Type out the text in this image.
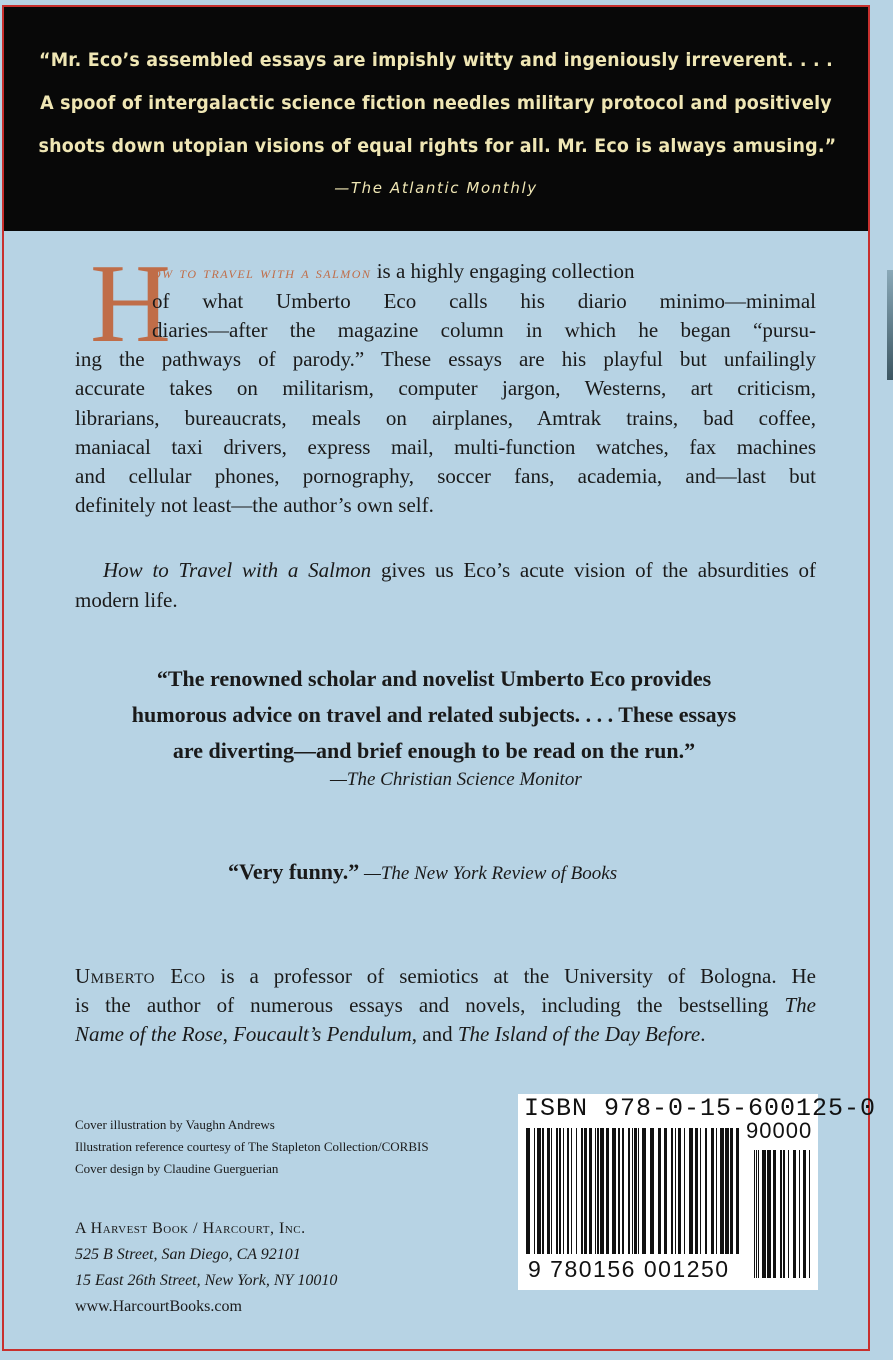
“Mr. Eco’s assembled essays are impishly witty and ingeniously irreverent. . . .
A spoof of intergalactic science fiction needles military protocol and positively
shoots down utopian visions of equal rights for all. Mr. Eco is always amusing.”
—The Atlantic Monthly
H
ow to travel with a salmon is a highly engaging collection
of what Umberto Eco calls his diario minimo—minimal
diaries—after the magazine column in which he began “pursu-
ing the pathways of parody.” These essays are his playful but unfailingly
accurate takes on militarism, computer jargon, Westerns, art criticism,
librarians, bureaucrats, meals on airplanes, Amtrak trains, bad coffee,
maniacal taxi drivers, express mail, multi-function watches, fax machines
and cellular phones, pornography, soccer fans, academia, and—last but
definitely not least—the author’s own self.
How to Travel with a Salmon gives us Eco’s acute vision of the absurdities of
modern life.
“The renowned scholar and novelist Umberto Eco provides
humorous advice on travel and related subjects. . . . These essays
are diverting—and brief enough to be read on the run.”
—The Christian Science Monitor
“Very funny.” —The New York Review of Books
Umberto Eco is a professor of semiotics at the University of Bologna. He
is the author of numerous essays and novels, including the bestselling The
Name of the Rose, Foucault’s Pendulum, and The Island of the Day Before.
Cover illustration by Vaughn Andrews
Illustration reference courtesy of The Stapleton Collection/CORBIS
Cover design by Claudine Guerguerian
A Harvest Book / Harcourt, Inc.
525 B Street, San Diego, CA 92101
15 East 26th Street, New York, NY 10010
www.HarcourtBooks.com
ISBN 978-0-15-600125-0
90000
9 780156 001250
